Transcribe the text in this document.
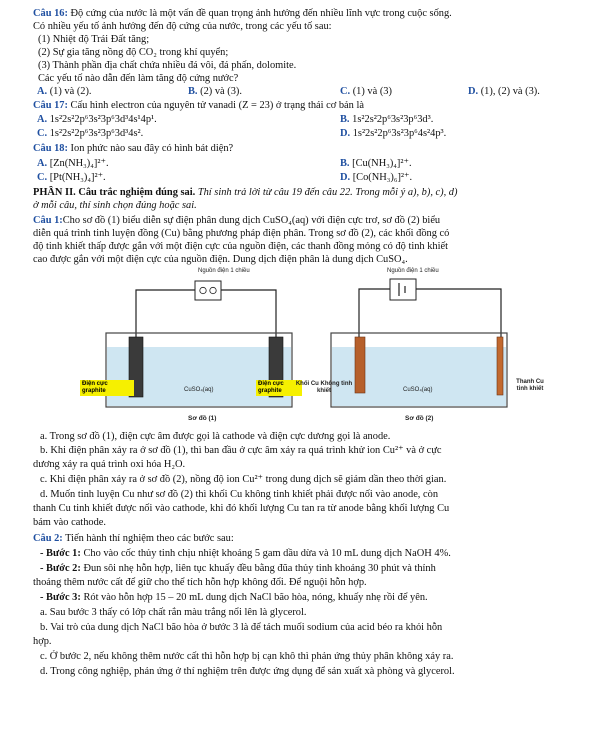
Câu 16: Độ cứng của nước là một vấn đề quan trọng ảnh hưởng đến nhiều lĩnh vực trong cuộc sống.
Có nhiều yếu tố ảnh hưởng đến độ cứng của nước, trong các yếu tố sau:
(1) Nhiệt độ Trái Đất tăng;
(2) Sự gia tăng nồng độ CO₂ trong khí quyển;
(3) Thành phần địa chất chứa nhiều đá vôi, đá phấn, dolomite.
Các yếu tố nào dẫn đến làm tăng độ cứng nước?
A. (1) và (2).	B. (2) và (3).	C. (1) và (3)	D. (1), (2) và (3).
Câu 17: Cấu hình electron của nguyên tử vanadi (Z = 23) ở trạng thái cơ bản là
A. 1s²2s²2p⁶3s²3p⁶3d³4s¹4p¹.	B. 1s²2s²2p⁶3s²3p⁶3d³.
C. 1s²2s²2p⁶3s²3p⁶3d³4s².	D. 1s²2s²2p⁶3s²3p⁶4s²4p³.
Câu 18: Ion phức nào sau đây có hình bát diện?
A. [Zn(NH₃)₄]²⁺.	B. [Cu(NH₃)₄]²⁺.
C. [Pt(NH₃)₄]²⁺.	D. [Co(NH₃)₆]²⁺.
PHẦN II. Câu trắc nghiệm đúng sai. Thí sinh trả lời từ câu 19 đến câu 22. Trong mỗi ý a), b), c), d)
ở mỗi câu, thí sinh chọn đúng hoặc sai.
Câu 1:Cho sơ đồ (1) biểu diễn sự điện phân dung dịch CuSO₄(aq) với điện cực trơ, sơ đồ (2) biểu
diễn quá trình tinh luyện đồng (Cu) bằng phương pháp điện phân. Trong sơ đồ (2), các khối đồng có
độ tinh khiết thấp được gắn với một điện cực của nguồn điện, các thanh đồng mỏng có độ tinh khiết
cao được gắn với một điện cực của nguồn điện. Dung dịch điện phân là dung dịch CuSO₄.
Nguồn điện 1 chiều
Điện cực graphite
Điện cực graphite
CuSO₄(aq)
Sơ đồ (1)
Nguồn điện 1 chiều
Khối Cu Không tinh khiết
Thanh Cu tinh khiết
CuSO₄(aq)
Sơ đồ (2)
a. Trong sơ đồ (1), điện cực âm được gọi là cathode và điện cực dương gọi là anode.
b. Khi điện phân xảy ra ở sơ đồ (1), thì ban đầu ở cực âm xảy ra quá trình khử ion Cu²⁺ và ở cực
dương xảy ra quá trình oxi hóa H₂O.
c. Khi điện phân xảy ra ở sơ đồ (2), nồng độ ion Cu²⁺ trong dung dịch sẽ giảm dần theo thời gian.
d. Muốn tinh luyện Cu như sơ đồ (2) thì khối Cu không tinh khiết phải được nối vào anode, còn
thanh Cu tinh khiết được nối vào cathode, khi đó khối lượng Cu tan ra từ anode bằng khối lượng Cu
bám vào cathode.
Câu 2: Tiến hành thí nghiệm theo các bước sau:
- Bước 1: Cho vào cốc thủy tinh chịu nhiệt khoảng 5 gam dầu dừa và 10 mL dung dịch NaOH 4%.
- Bước 2: Đun sôi nhẹ hỗn hợp, liên tục khuấy đều bằng đũa thủy tinh khoảng 30 phút và thỉnh
thoảng thêm nước cất để giữ cho thể tích hỗn hợp không đổi. Để nguội hỗn hợp.
- Bước 3: Rót vào hỗn hợp 15 – 20 mL dung dịch NaCl bão hòa, nóng, khuấy nhẹ rồi để yên.
a. Sau bước 3 thấy có lớp chất rắn màu trắng nổi lên là glycerol.
b. Vai trò của dung dịch NaCl bão hòa ở bước 3 là để tách muối sodium của acid béo ra khỏi hỗn
hợp.
c. Ở bước 2, nếu không thêm nước cất thì hỗn hợp bị cạn khô thì phản ứng thủy phân không xảy ra.
d. Trong công nghiệp, phản ứng ở thí nghiệm trên được ứng dụng để sản xuất xà phòng và glycerol.
